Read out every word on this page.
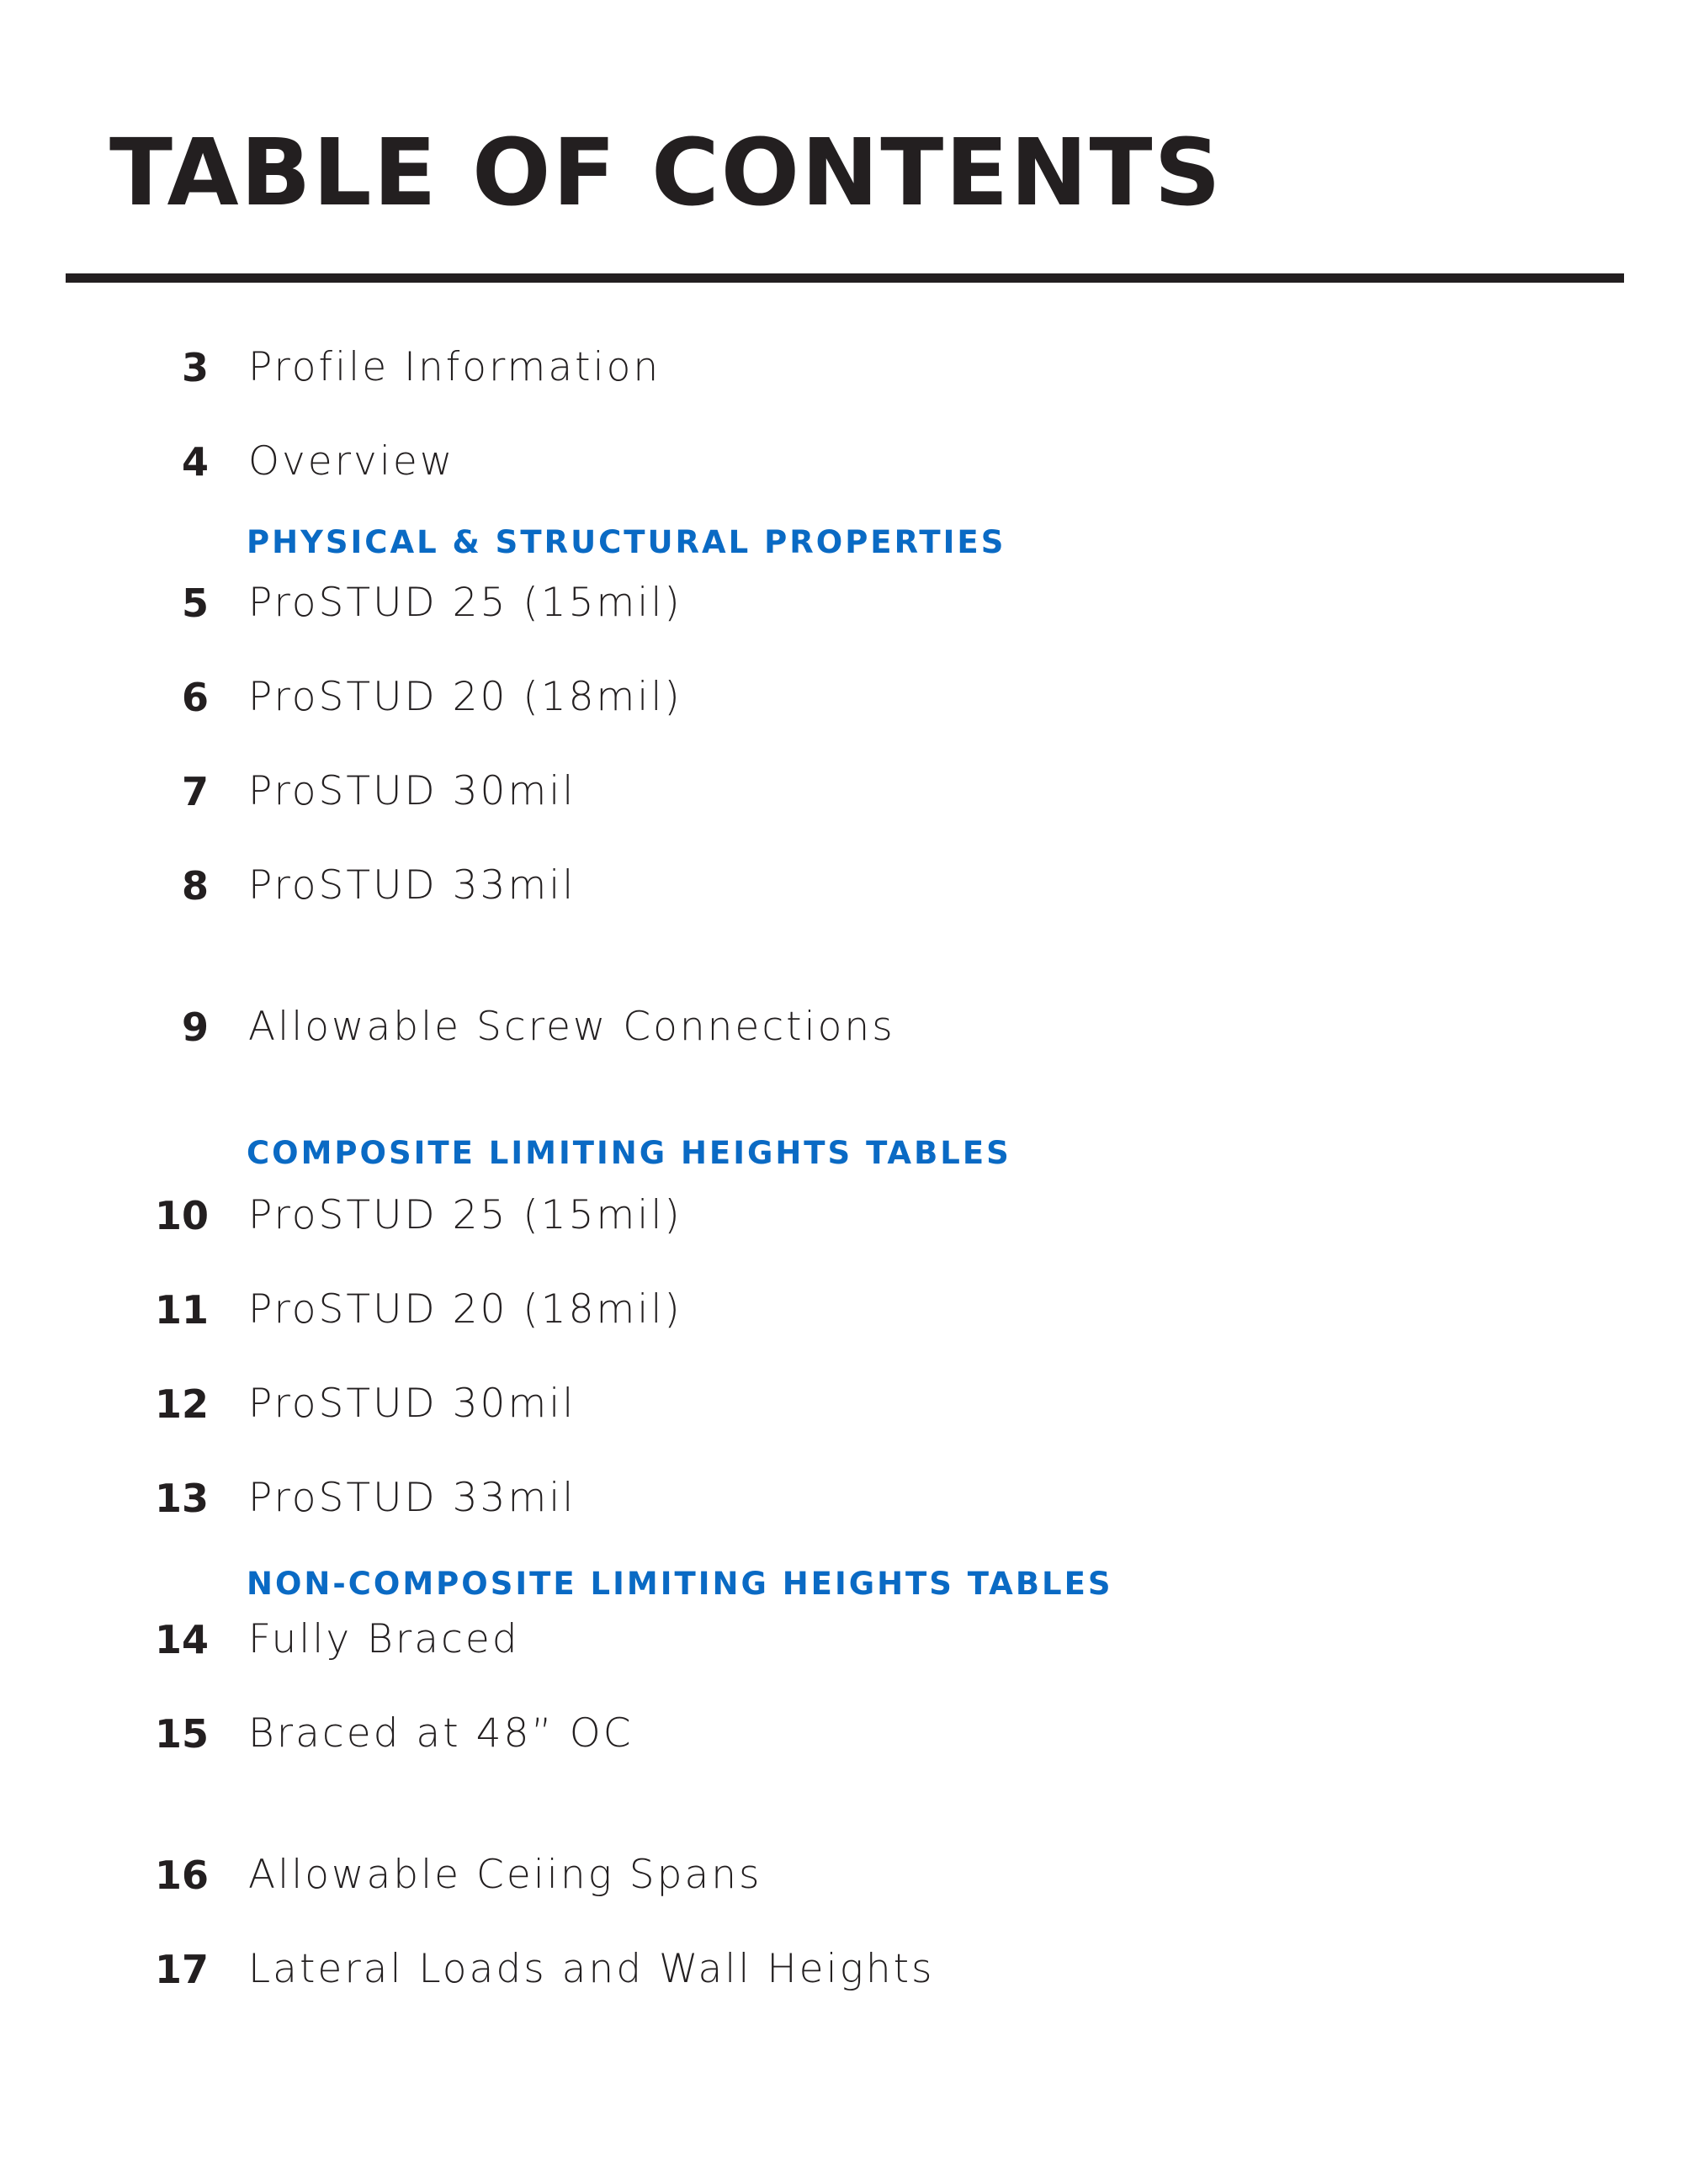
TABLE OF CONTENTS
3 Profile Information
4 Overview
PHYSICAL & STRUCTURAL PROPERTIES
5 ProSTUD 25 (15mil)
6 ProSTUD 20 (18mil)
7 ProSTUD 30mil
8 ProSTUD 33mil
9 Allowable Screw Connections
COMPOSITE LIMITING HEIGHTS TABLES
10 ProSTUD 25 (15mil)
11 ProSTUD 20 (18mil)
12 ProSTUD 30mil
13 ProSTUD 33mil
NON-COMPOSITE LIMITING HEIGHTS TABLES
14 Fully Braced
15 Braced at 48” OC
16 Allowable Ceiing Spans
17 Lateral Loads and Wall Heights
